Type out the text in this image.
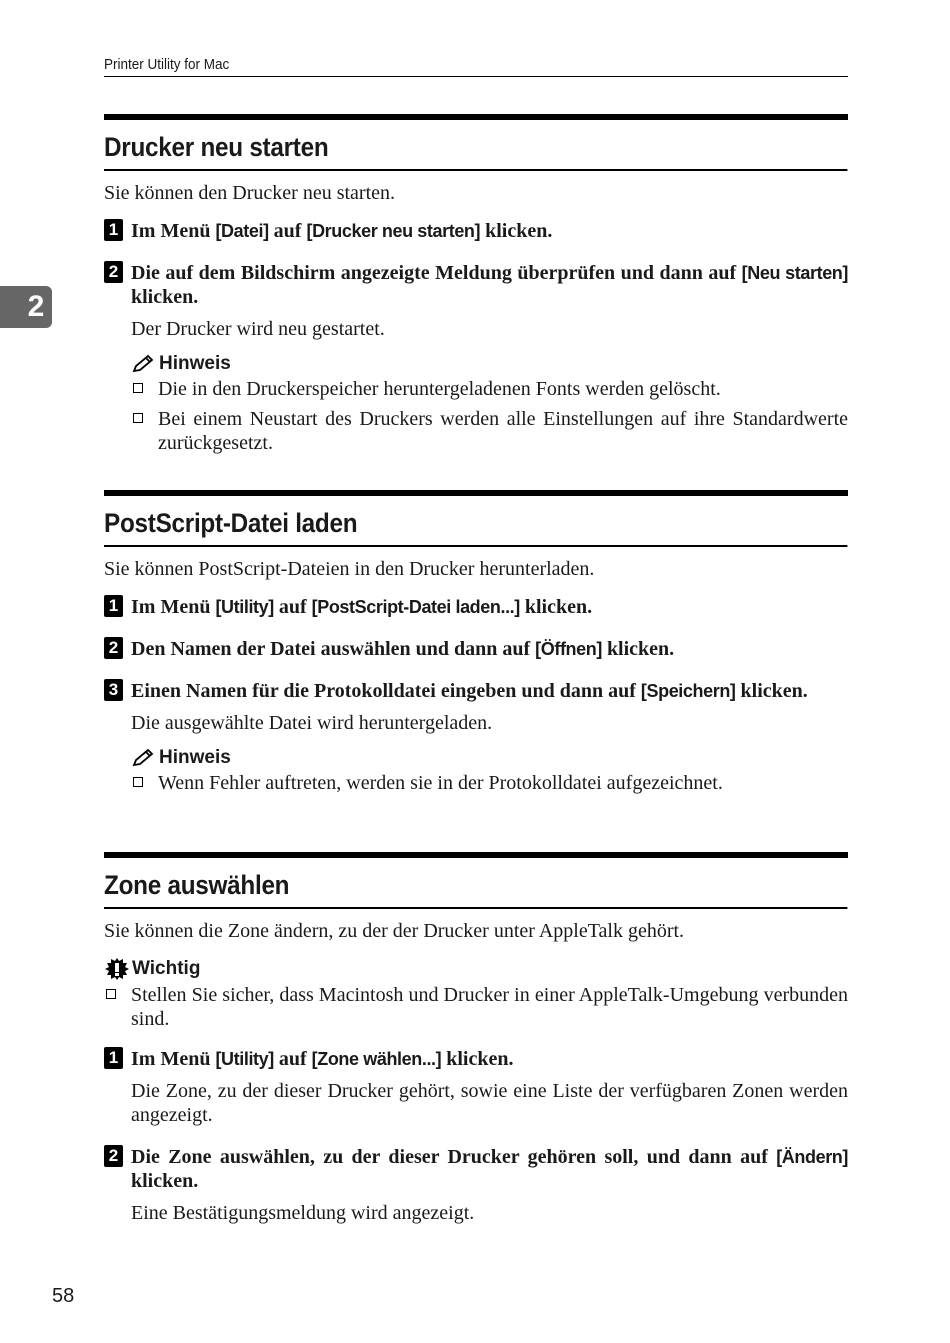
Printer Utility for Mac
2
Drucker neu starten

Sie können den Drucker neu starten.

1 Im Menü [Datei] auf [Drucker neu starten] klicken.
2 Die auf dem Bildschirm angezeigte Meldung überprüfen und dann auf [Neu starten] klicken.
Der Drucker wird neu gestartet.
Hinweis
Die in den Druckerspeicher heruntergeladenen Fonts werden gelöscht.
Bei einem Neustart des Druckers werden alle Einstellungen auf ihre Standardwerte zurückgesetzt.
PostScript-Datei laden

Sie können PostScript-Dateien in den Drucker herunterladen.

1 Im Menü [Utility] auf [PostScript-Datei laden...] klicken.
2 Den Namen der Datei auswählen und dann auf [Öffnen] klicken.
3 Einen Namen für die Protokolldatei eingeben und dann auf [Speichern] klicken.
Die ausgewählte Datei wird heruntergeladen.
Hinweis
Wenn Fehler auftreten, werden sie in der Protokolldatei aufgezeichnet.
Zone auswählen

Sie können die Zone ändern, zu der der Drucker unter AppleTalk gehört.

Wichtig
Stellen Sie sicher, dass Macintosh und Drucker in einer AppleTalk-Umgebung verbunden sind.
1 Im Menü [Utility] auf [Zone wählen...] klicken.
Die Zone, zu der dieser Drucker gehört, sowie eine Liste der verfügbaren Zonen werden angezeigt.
2 Die Zone auswählen, zu der dieser Drucker gehören soll, und dann auf [Ändern] klicken.
Eine Bestätigungsmeldung wird angezeigt.
58
